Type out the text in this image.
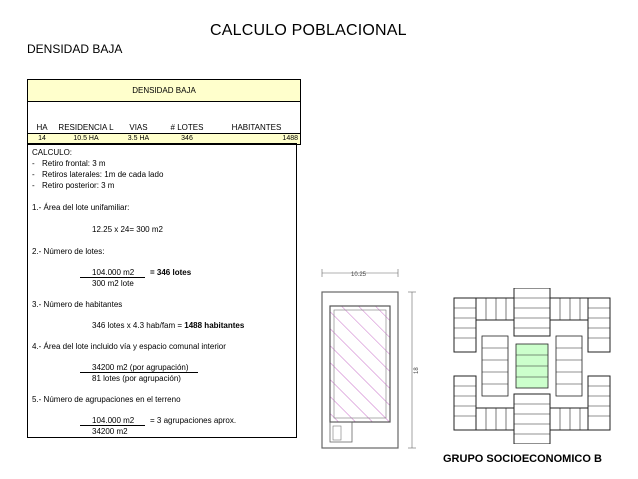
CALCULO POBLACIONAL
DENSIDAD BAJA
DENSIDAD BAJA
HA	RESIDENCIA L	VIAS	# LOTES	HABITANTES
14	10.5 HA	3.5 HA	346	1488
CALCULO:
- Retiro frontal: 3 m
- Retiros laterales: 1m de cada lado
- Retiro posterior: 3 m
1.- Área del lote unifamiliar:
12.25 x 24= 300 m2
2.- Número de lotes:
104.000 m2	= 346 lotes
300 m2 lote
3.- Número de habitantes
346 lotes x 4.3 hab/fam = 1488 habitantes
4.- Área del lote incluido vía y espacio comunal interior
34200 m2 (por agrupación)
81 lotes (por agrupación)
5.- Número de agrupaciones en el terreno
104.000 m2	= 3 agrupaciones aprox.
34200 m2
10.25
18
GRUPO SOCIOECONOMICO B
